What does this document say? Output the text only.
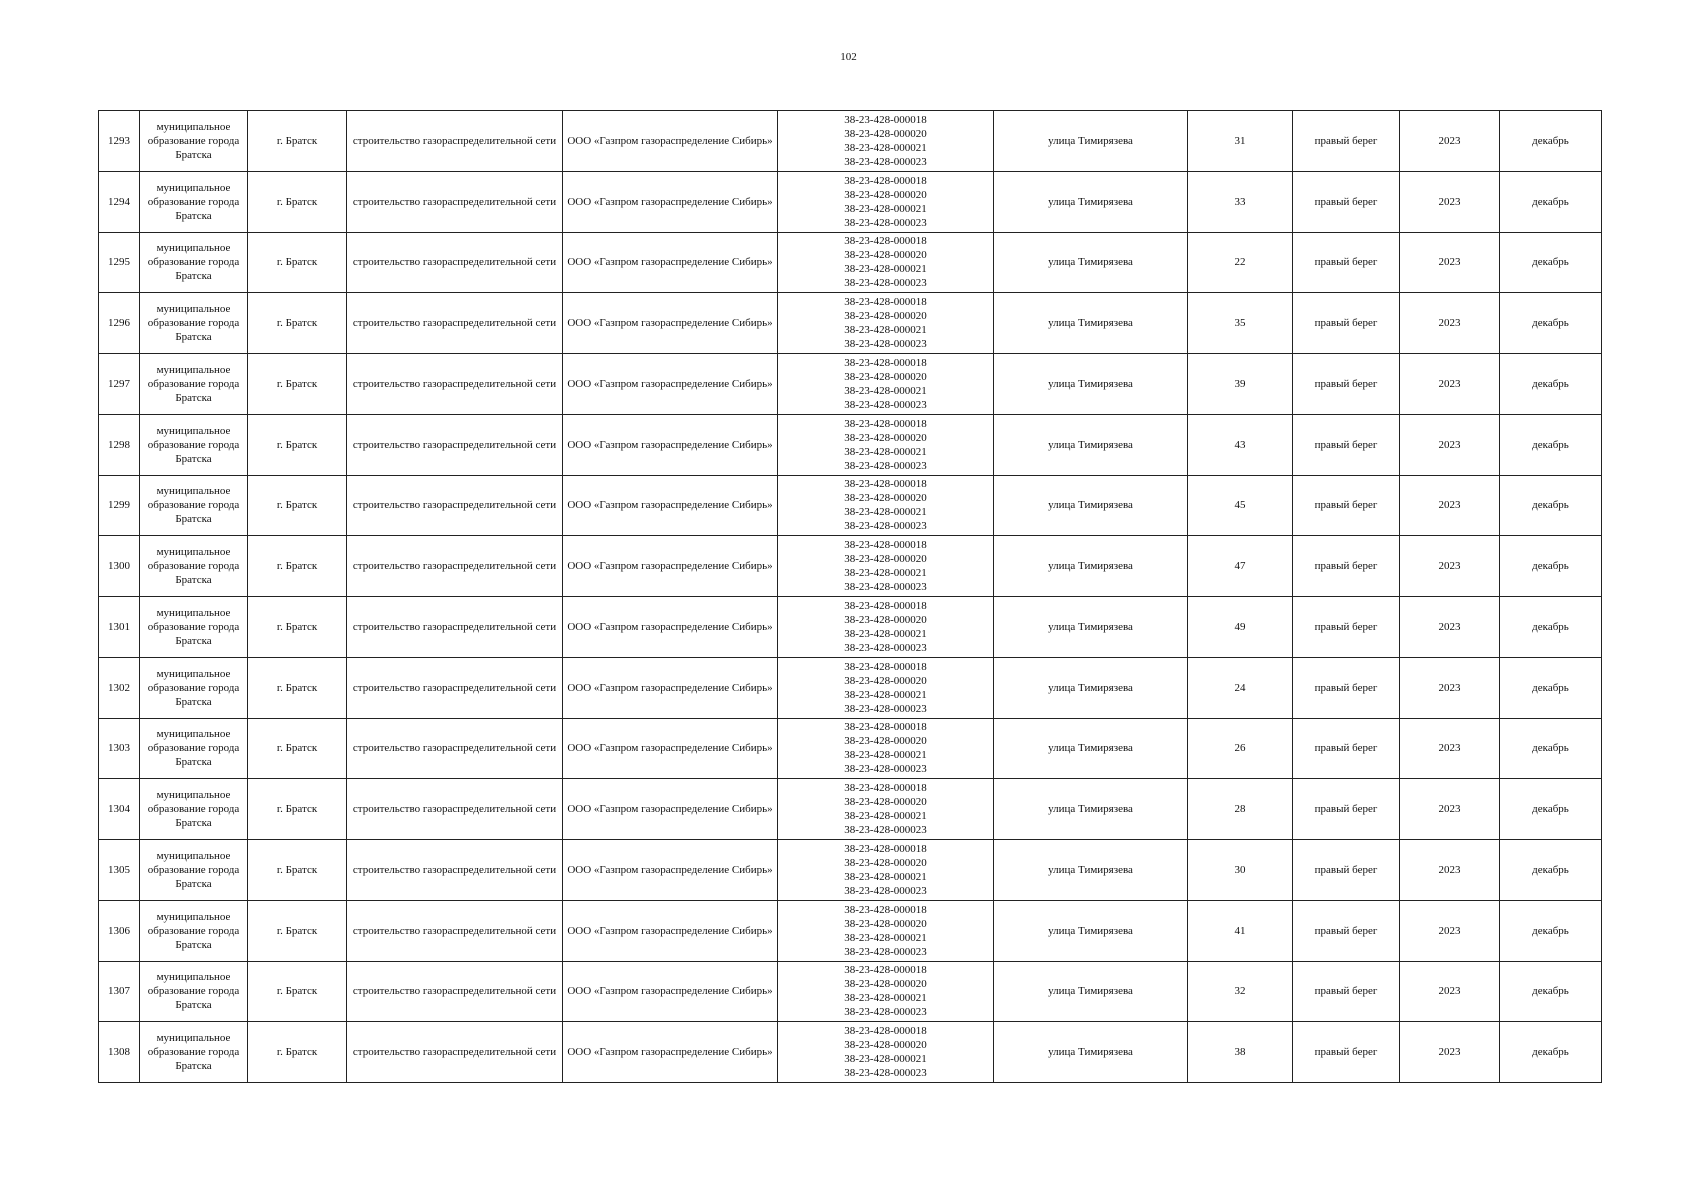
102
1293	муниципальное образование города Братска	г. Братск	строительство газораспределительной сети	ООО «Газпром газораспределение Сибирь»	38-23-428-000018
38-23-428-000020
38-23-428-000021
38-23-428-000023	улица Тимирязева	31	правый берег	2023	декабрь
1294	муниципальное образование города Братска	г. Братск	строительство газораспределительной сети	ООО «Газпром газораспределение Сибирь»	38-23-428-000018
38-23-428-000020
38-23-428-000021
38-23-428-000023	улица Тимирязева	33	правый берег	2023	декабрь
1295	муниципальное образование города Братска	г. Братск	строительство газораспределительной сети	ООО «Газпром газораспределение Сибирь»	38-23-428-000018
38-23-428-000020
38-23-428-000021
38-23-428-000023	улица Тимирязева	22	правый берег	2023	декабрь
1296	муниципальное образование города Братска	г. Братск	строительство газораспределительной сети	ООО «Газпром газораспределение Сибирь»	38-23-428-000018
38-23-428-000020
38-23-428-000021
38-23-428-000023	улица Тимирязева	35	правый берег	2023	декабрь
1297	муниципальное образование города Братска	г. Братск	строительство газораспределительной сети	ООО «Газпром газораспределение Сибирь»	38-23-428-000018
38-23-428-000020
38-23-428-000021
38-23-428-000023	улица Тимирязева	39	правый берег	2023	декабрь
1298	муниципальное образование города Братска	г. Братск	строительство газораспределительной сети	ООО «Газпром газораспределение Сибирь»	38-23-428-000018
38-23-428-000020
38-23-428-000021
38-23-428-000023	улица Тимирязева	43	правый берег	2023	декабрь
1299	муниципальное образование города Братска	г. Братск	строительство газораспределительной сети	ООО «Газпром газораспределение Сибирь»	38-23-428-000018
38-23-428-000020
38-23-428-000021
38-23-428-000023	улица Тимирязева	45	правый берег	2023	декабрь
1300	муниципальное образование города Братска	г. Братск	строительство газораспределительной сети	ООО «Газпром газораспределение Сибирь»	38-23-428-000018
38-23-428-000020
38-23-428-000021
38-23-428-000023	улица Тимирязева	47	правый берег	2023	декабрь
1301	муниципальное образование города Братска	г. Братск	строительство газораспределительной сети	ООО «Газпром газораспределение Сибирь»	38-23-428-000018
38-23-428-000020
38-23-428-000021
38-23-428-000023	улица Тимирязева	49	правый берег	2023	декабрь
1302	муниципальное образование города Братска	г. Братск	строительство газораспределительной сети	ООО «Газпром газораспределение Сибирь»	38-23-428-000018
38-23-428-000020
38-23-428-000021
38-23-428-000023	улица Тимирязева	24	правый берег	2023	декабрь
1303	муниципальное образование города Братска	г. Братск	строительство газораспределительной сети	ООО «Газпром газораспределение Сибирь»	38-23-428-000018
38-23-428-000020
38-23-428-000021
38-23-428-000023	улица Тимирязева	26	правый берег	2023	декабрь
1304	муниципальное образование города Братска	г. Братск	строительство газораспределительной сети	ООО «Газпром газораспределение Сибирь»	38-23-428-000018
38-23-428-000020
38-23-428-000021
38-23-428-000023	улица Тимирязева	28	правый берег	2023	декабрь
1305	муниципальное образование города Братска	г. Братск	строительство газораспределительной сети	ООО «Газпром газораспределение Сибирь»	38-23-428-000018
38-23-428-000020
38-23-428-000021
38-23-428-000023	улица Тимирязева	30	правый берег	2023	декабрь
1306	муниципальное образование города Братска	г. Братск	строительство газораспределительной сети	ООО «Газпром газораспределение Сибирь»	38-23-428-000018
38-23-428-000020
38-23-428-000021
38-23-428-000023	улица Тимирязева	41	правый берег	2023	декабрь
1307	муниципальное образование города Братска	г. Братск	строительство газораспределительной сети	ООО «Газпром газораспределение Сибирь»	38-23-428-000018
38-23-428-000020
38-23-428-000021
38-23-428-000023	улица Тимирязева	32	правый берег	2023	декабрь
1308	муниципальное образование города Братска	г. Братск	строительство газораспределительной сети	ООО «Газпром газораспределение Сибирь»	38-23-428-000018
38-23-428-000020
38-23-428-000021
38-23-428-000023	улица Тимирязева	38	правый берег	2023	декабрь
